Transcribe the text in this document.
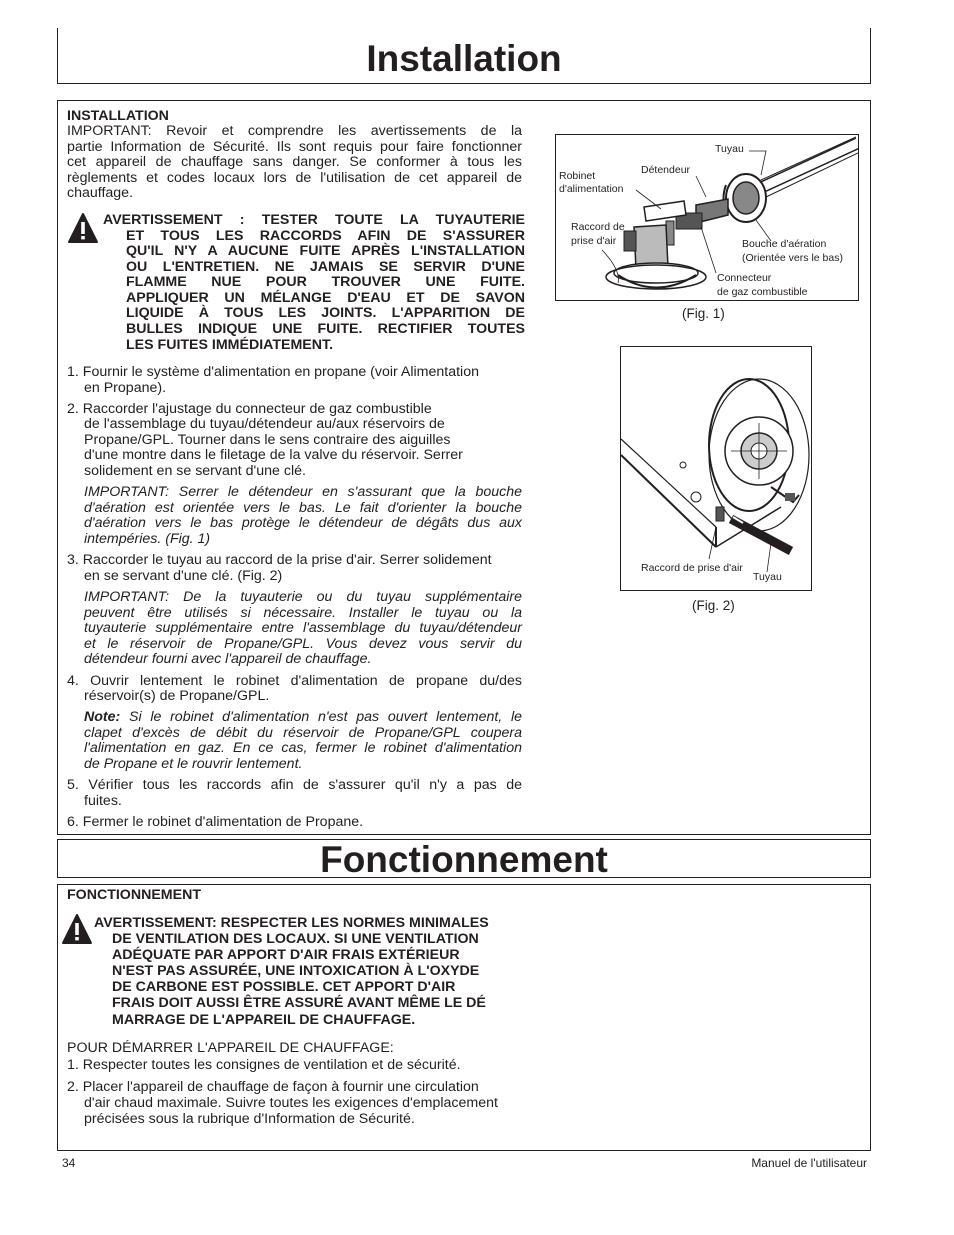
Installation
INSTALLATION
IMPORTANT: Revoir et comprendre les avertissements de la
partie Information de Sécurité. Ils sont requis pour faire fonctionner
cet appareil de chauffage sans danger. Se conformer à tous les
règlements et codes locaux lors de l'utilisation de cet appareil de
chauffage.
AVERTISSEMENT : TESTER TOUTE LA TUYAUTERIE
ET TOUS LES RACCORDS AFIN DE S'ASSURER
QU'IL N'Y A AUCUNE FUITE APRÈS L'INSTALLATION
OU L'ENTRETIEN. NE JAMAIS SE SERVIR D'UNE
FLAMME NUE POUR TROUVER UNE FUITE.
APPLIQUER UN MÉLANGE D'EAU ET DE SAVON
LIQUIDE À TOUS LES JOINTS. L'APPARITION DE
BULLES INDIQUE UNE FUITE. RECTIFIER TOUTES
LES FUITES IMMÉDIATEMENT.
1. Fournir le système d'alimentation en propane (voir Alimentation
en Propane).
2. Raccorder l'ajustage du connecteur de gaz combustible
de l'assemblage du tuyau/détendeur au/aux réservoirs de
Propane/GPL. Tourner dans le sens contraire des aiguilles
d'une montre dans le filetage de la valve du réservoir. Serrer
solidement en se servant d'une clé.
IMPORTANT: Serrer le détendeur en s'assurant que la bouche
d'aération est orientée vers le bas. Le fait d'orienter la bouche
d'aération vers le bas protège le détendeur de dégâts dus aux
intempéries. (Fig. 1)
3. Raccorder le tuyau au raccord de la prise d'air. Serrer solidement
en se servant d'une clé. (Fig. 2)
IMPORTANT: De la tuyauterie ou du tuyau supplémentaire
peuvent être utilisés si nécessaire. Installer le tuyau ou la
tuyauterie supplémentaire entre l'assemblage du tuyau/détendeur
et le réservoir de Propane/GPL. Vous devez vous servir du
détendeur fourni avec l'appareil de chauffage.
4. Ouvrir lentement le robinet d'alimentation de propane du/des
réservoir(s) de Propane/GPL.
Note: Si le robinet d'alimentation n'est pas ouvert lentement, le
clapet d'excès de débit du réservoir de Propane/GPL coupera
l'alimentation en gaz. En ce cas, fermer le robinet d'alimentation
de Propane et le rouvrir lentement.
5. Vérifier tous les raccords afin de s'assurer qu'il n'y a pas de
fuites.
6. Fermer le robinet d'alimentation de Propane.
Tuyau
Détendeur
Robinet
d'alimentation
Raccord de
prise d'air	Bouche d'aération
(Orientée vers le bas)
Connecteur
de gaz combustible
(Fig. 1)
Raccord de prise d'air
Tuyau
(Fig. 2)
Fonctionnement
FONCTIONNEMENT
AVERTISSEMENT: RESPECTER LES NORMES MINIMALES
DE VENTILATION DES LOCAUX. SI UNE VENTILATION
ADÉQUATE PAR APPORT D'AIR FRAIS EXTÉRIEUR
N'EST PAS ASSURÉE, UNE INTOXICATION À L'OXYDE
DE CARBONE EST POSSIBLE. CET APPORT D'AIR
FRAIS DOIT AUSSI ÊTRE ASSURÉ AVANT MÊME LE DÉ
MARRAGE DE L'APPAREIL DE CHAUFFAGE.
POUR DÉMARRER L'APPAREIL DE CHAUFFAGE:
1. Respecter toutes les consignes de ventilation et de sécurité.
2. Placer l'appareil de chauffage de façon à fournir une circulation
d'air chaud maximale. Suivre toutes les exigences d'emplacement
précisées sous la rubrique d'Information de Sécurité.
34	Manuel de l'utilisateur
